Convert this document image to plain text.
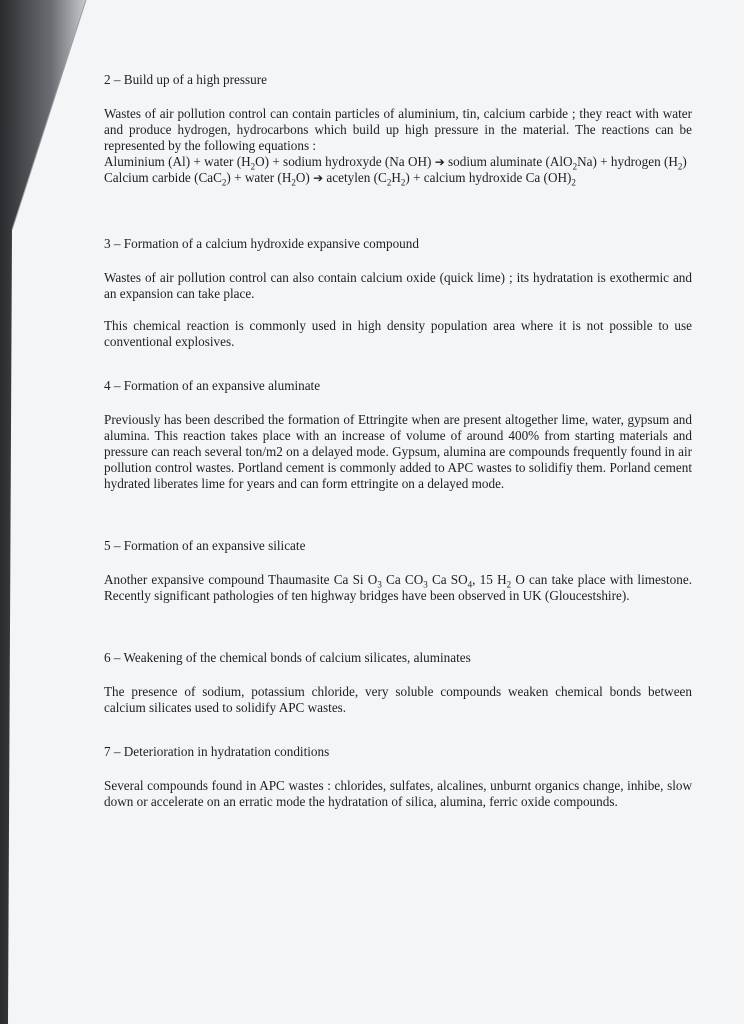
2 – Build up of a high pressure

Wastes of air pollution control can contain particles of aluminium, tin, calcium carbide ; they react with water and produce hydrogen, hydrocarbons which build up high pressure in the material. The reactions can be represented by the following equations :

Aluminium (Al) + water $(H_2O)$ + sodium hydroxyde (Na OH) ➔ sodium aluminate (AlO$_2$Na) + hydrogen $(H_2)$

Calcium carbide (CaC$_2$) + water $(H_2O)$ ➔ acetylen $(C_2H_2)$ + calcium hydroxide Ca $(OH)_2$

3 – Formation of a calcium hydroxide expansive compound

Wastes of air pollution control can also contain calcium oxide (quick lime) ; its hydratation is exothermic and an expansion can take place.

This chemical reaction is commonly used in high density population area where it is not possible to use conventional explosives.

4 – Formation of an expansive aluminate

Previously has been described the formation of Ettringite when are present altogether lime, water, gypsum and alumina. This reaction takes place with an increase of volume of around 400% from starting materials and pressure can reach several ton/m2 on a delayed mode. Gypsum, alumina are compounds frequently found in air pollution control wastes. Portland cement is commonly added to APC wastes to solidifiy them. Porland cement hydrated liberates lime for years and can form ettringite on a delayed mode.

5 – Formation of an expansive silicate

Another expansive compound Thaumasite Ca Si $O_3$ Ca $CO_3$ Ca $SO_4$, 15 $H_2$ O can take place with limestone. Recently significant pathologies of ten highway bridges have been observed in UK (Gloucestshire).

6 – Weakening of the chemical bonds of calcium silicates, aluminates

The presence of sodium, potassium chloride, very soluble compounds weaken chemical bonds between calcium silicates used to solidify APC wastes.

7 – Deterioration in hydratation conditions

Several compounds found in APC wastes : chlorides, sulfates, alcalines, unburnt organics change, inhibe, slow down or accelerate on an erratic mode the hydratation of silica, alumina, ferric oxide compounds.
